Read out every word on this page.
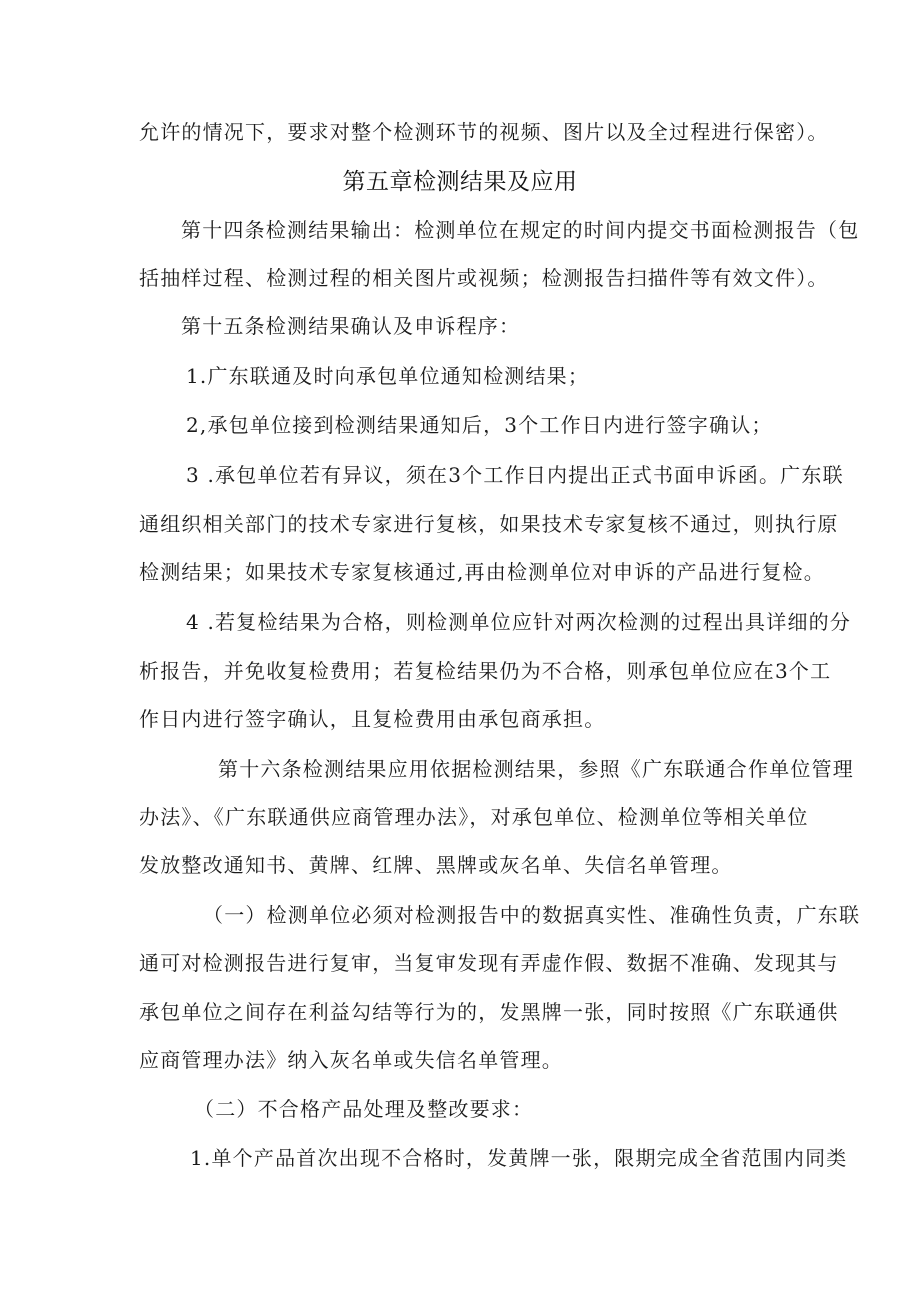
允许的情况下，要求对整个检测环节的视频、图片以及全过程进行保密）。
第五章检测结果及应用
第十四条检测结果输出：检测单位在规定的时间内提交书面检测报告（包
括抽样过程、检测过程的相关图片或视频；检测报告扫描件等有效文件）。
第十五条检测结果确认及申诉程序：
1.广东联通及时向承包单位通知检测结果；
2,承包单位接到检测结果通知后，3个工作日内进行签字确认；
3 .承包单位若有异议，须在3个工作日内提出正式书面申诉函。广东联
通组织相关部门的技术专家进行复核，如果技术专家复核不通过，则执行原
检测结果；如果技术专家复核通过,再由检测单位对申诉的产品进行复检。
4 .若复检结果为合格，则检测单位应针对两次检测的过程出具详细的分
析报告，并免收复检费用；若复检结果仍为不合格，则承包单位应在3个工
作日内进行签字确认，且复检费用由承包商承担。
第十六条检测结果应用依据检测结果，参照《广东联通合作单位管理
办法》、《广东联通供应商管理办法》，对承包单位、检测单位等相关单位
发放整改通知书、黄牌、红牌、黑牌或灰名单、失信名单管理。
（一）检测单位必须对检测报告中的数据真实性、准确性负责，广东联
通可对检测报告进行复审，当复审发现有弄虚作假、数据不准确、发现其与
承包单位之间存在利益勾结等行为的，发黑牌一张，同时按照《广东联通供
应商管理办法》纳入灰名单或失信名单管理。
（二）不合格产品处理及整改要求：
1.单个产品首次出现不合格时，发黄牌一张，限期完成全省范围内同类
